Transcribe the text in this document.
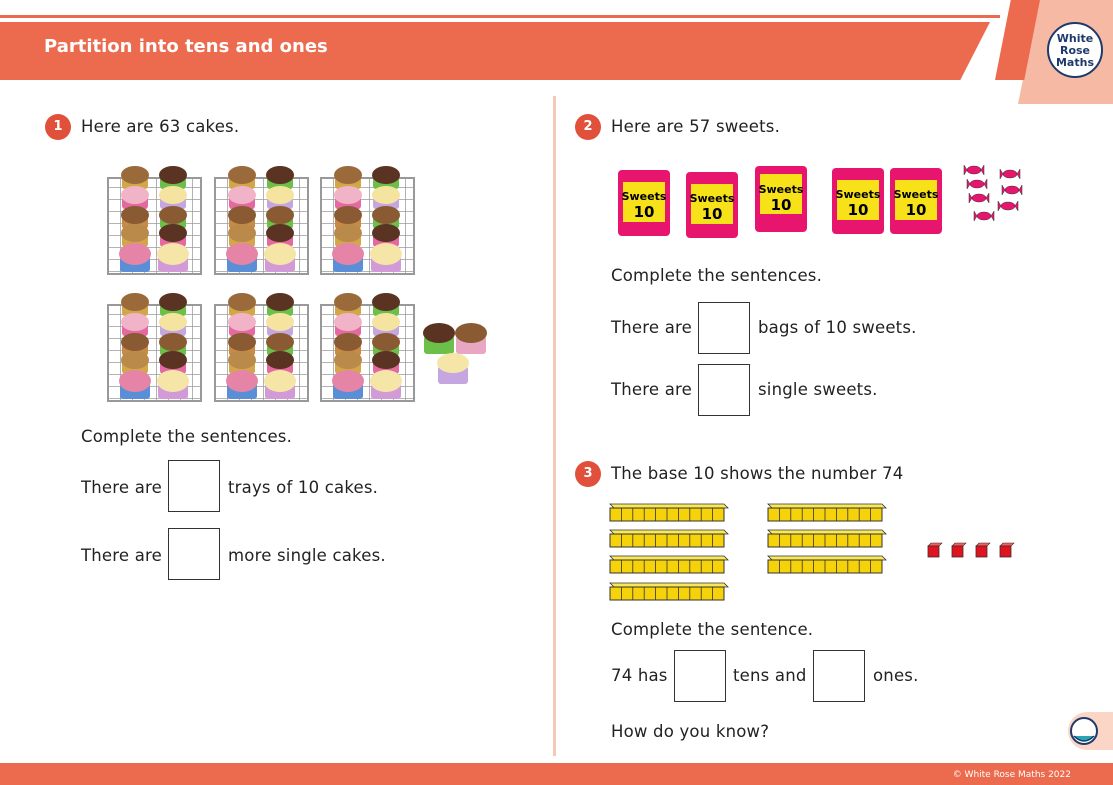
Partition into tens and ones	White
Rose
Maths
1	Here are 63 cakes.
Complete the sentences.
There are	trays of 10 cakes.
There are	more single cakes.
2	Here are 57 sweets.
Sweets
10
Sweets
10
Sweets
10
Sweets
10
Sweets
10
Complete the sentences.
There are	bags of 10 sweets.
There are	single sweets.
3	The base 10 shows the number 74
Complete the sentence.
74 has	tens and	ones.
How do you know?
© White Rose Maths 2022
